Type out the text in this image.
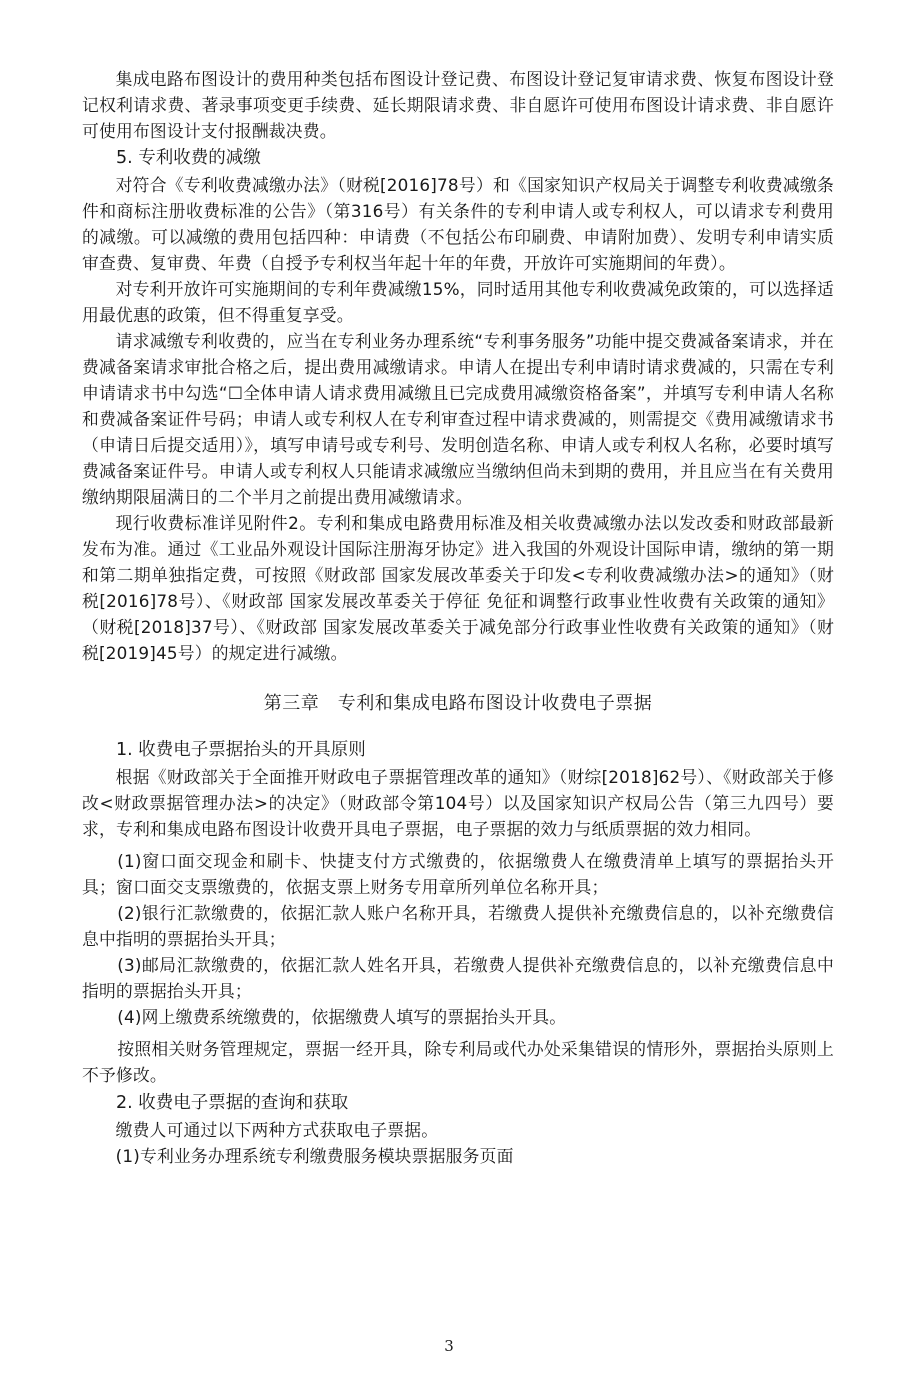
集成电路布图设计的费用种类包括布图设计登记费、布图设计登记复审请求费、恢复布图设计登记权利请求费、著录事项变更手续费、延长期限请求费、非自愿许可使用布图设计请求费、非自愿许可使用布图设计支付报酬裁决费。

5. 专利收费的减缴

对符合《专利收费减缴办法》（财税[2016]78号）和《国家知识产权局关于调整专利收费减缴条件和商标注册收费标准的公告》（第316号）有关条件的专利申请人或专利权人，可以请求专利费用的减缴。可以减缴的费用包括四种：申请费（不包括公布印刷费、申请附加费）、发明专利申请实质审查费、复审费、年费（自授予专利权当年起十年的年费，开放许可实施期间的年费）。

对专利开放许可实施期间的专利年费减缴15%，同时适用其他专利收费减免政策的，可以选择适用最优惠的政策，但不得重复享受。

请求减缴专利收费的，应当在专利业务办理系统“专利事务服务”功能中提交费减备案请求，并在费减备案请求审批合格之后，提出费用减缴请求。申请人在提出专利申请时请求费减的，只需在专利申请请求书中勾选“☐全体申请人请求费用减缴且已完成费用减缴资格备案”，并填写专利申请人名称和费减备案证件号码；申请人或专利权人在专利审查过程中请求费减的，则需提交《费用减缴请求书（申请日后提交适用）》，填写申请号或专利号、发明创造名称、申请人或专利权人名称，必要时填写费减备案证件号。申请人或专利权人只能请求减缴应当缴纳但尚未到期的费用，并且应当在有关费用缴纳期限届满日的二个半月之前提出费用减缴请求。

现行收费标准详见附件2。专利和集成电路费用标准及相关收费减缴办法以发改委和财政部最新发布为准。通过《工业品外观设计国际注册海牙协定》进入我国的外观设计国际申请，缴纳的第一期和第二期单独指定费，可按照《财政部 国家发展改革委关于印发<专利收费减缴办法>的通知》（财税[2016]78号）、《财政部 国家发展改革委关于停征 免征和调整行政事业性收费有关政策的通知》（财税[2018]37号）、《财政部 国家发展改革委关于减免部分行政事业性收费有关政策的通知》（财税[2019]45号）的规定进行减缴。

第三章　专利和集成电路布图设计收费电子票据

1. 收费电子票据抬头的开具原则

根据《财政部关于全面推开财政电子票据管理改革的通知》（财综[2018]62号）、《财政部关于修改<财政票据管理办法>的决定》（财政部令第104号）以及国家知识产权局公告（第三九四号）要求，专利和集成电路布图设计收费开具电子票据，电子票据的效力与纸质票据的效力相同。

(1)窗口面交现金和刷卡、快捷支付方式缴费的，依据缴费人在缴费清单上填写的票据抬头开具；窗口面交支票缴费的，依据支票上财务专用章所列单位名称开具；

(2)银行汇款缴费的，依据汇款人账户名称开具，若缴费人提供补充缴费信息的，以补充缴费信息中指明的票据抬头开具；

(3)邮局汇款缴费的，依据汇款人姓名开具，若缴费人提供补充缴费信息的，以补充缴费信息中指明的票据抬头开具；

(4)网上缴费系统缴费的，依据缴费人填写的票据抬头开具。

按照相关财务管理规定，票据一经开具，除专利局或代办处采集错误的情形外，票据抬头原则上不予修改。

2. 收费电子票据的查询和获取

缴费人可通过以下两种方式获取电子票据。

(1)专利业务办理系统专利缴费服务模块票据服务页面

3
